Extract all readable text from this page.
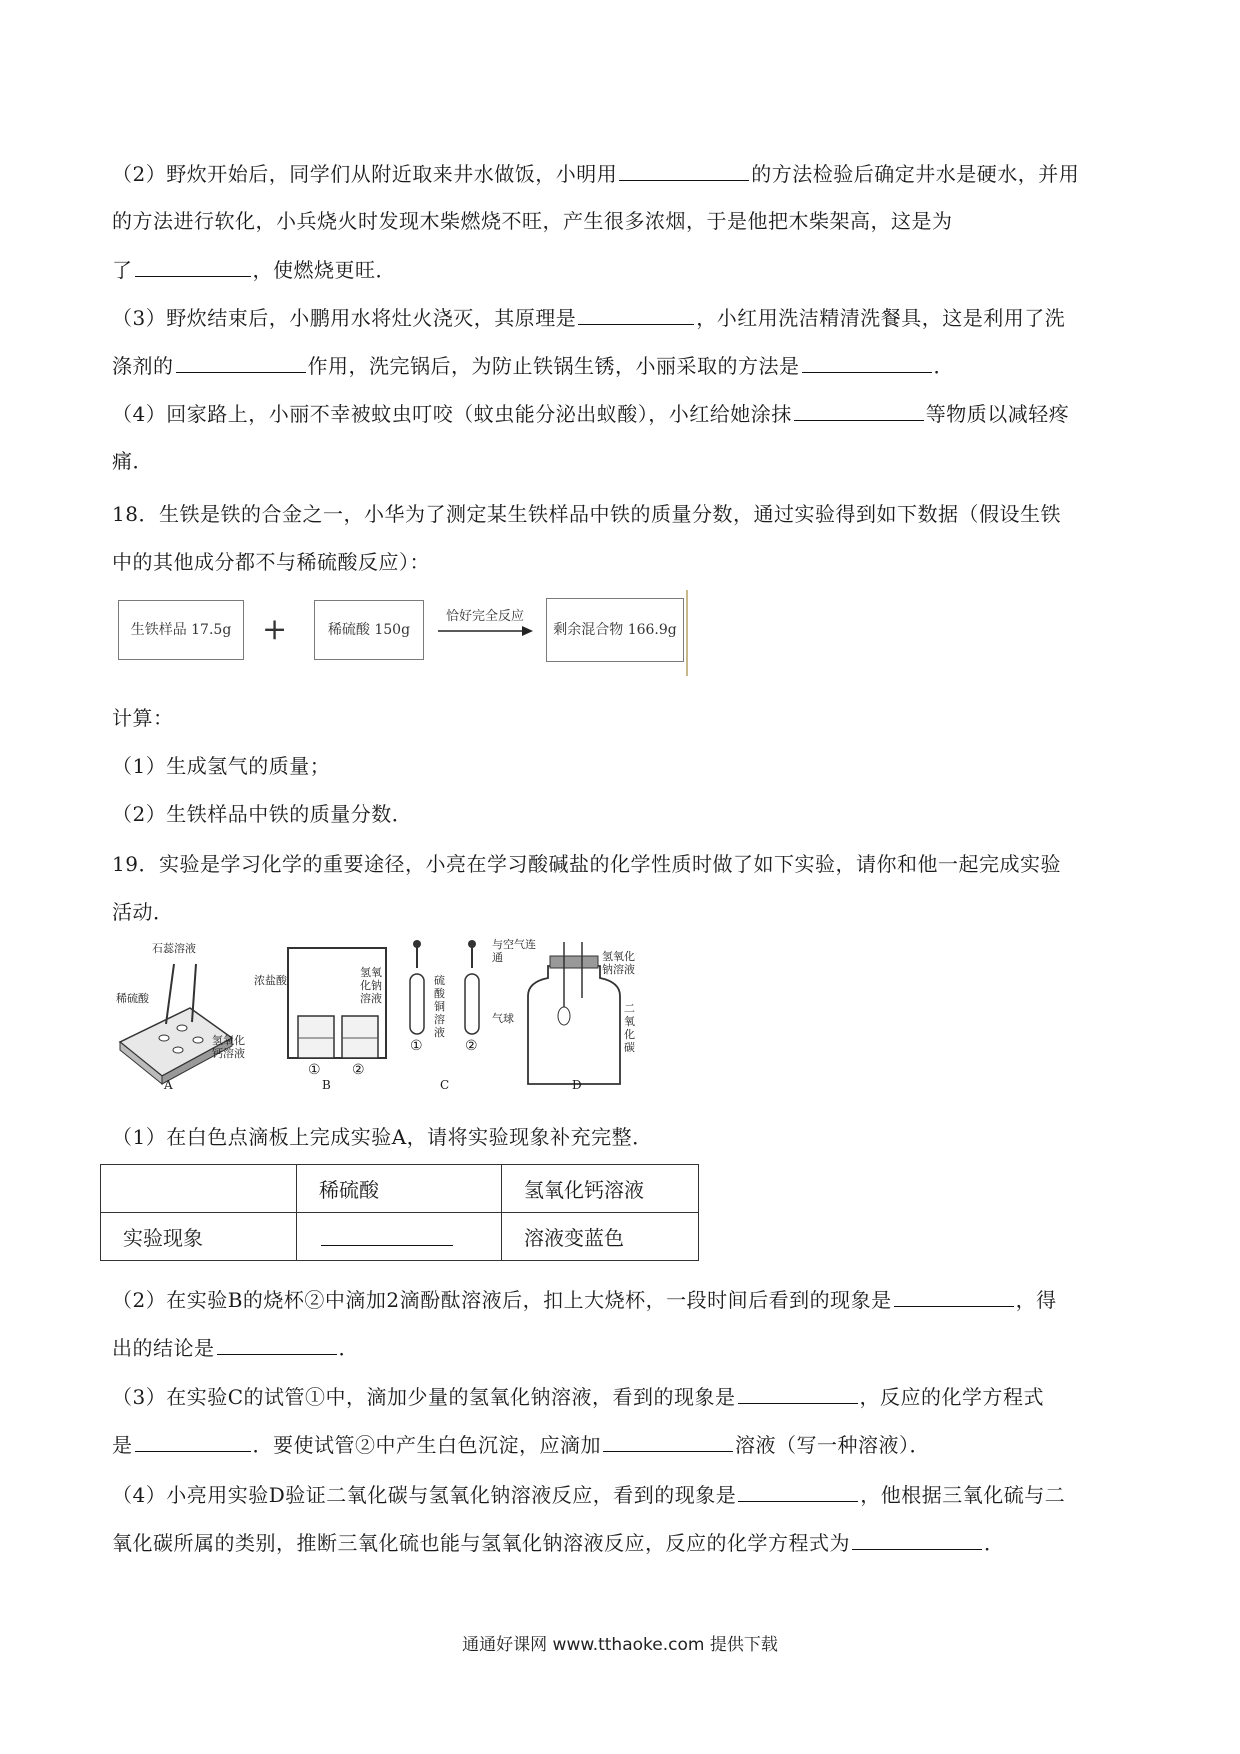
（2）野炊开始后，同学们从附近取来井水做饭，小明用	的方法检验后确定井水是硬水，并用
的方法进行软化，小兵烧火时发现木柴燃烧不旺，产生很多浓烟，于是他把木柴架高，这是为
了	，使燃烧更旺．
（3）野炊结束后，小鹏用水将灶火浇灭，其原理是	，小红用洗洁精清洗餐具，这是利用了洗
涤剂的	作用，洗完锅后，为防止铁锅生锈，小丽采取的方法是	．
（4）回家路上，小丽不幸被蚊虫叮咬（蚊虫能分泌出蚁酸），小红给她涂抹	等物质以减轻疼
痛．
18．生铁是铁的合金之一，小华为了测定某生铁样品中铁的质量分数，通过实验得到如下数据（假设生铁
中的其他成分都不与稀硫酸反应）：
生铁样品 17.5g	+	稀硫酸 150g
恰好完全反应
剩余混合物 166.9g
计算：
（1）生成氢气的质量；
（2）生铁样品中铁的质量分数．
19．实验是学习化学的重要途径，小亮在学习酸碱盐的化学性质时做了如下实验，请你和他一起完成实验
活动．
石蕊溶液
稀硫酸
氢氧化钙溶液
浓盐酸
氢氧化钠溶液
硫酸铜溶液
与空气连通	氢氧化钠溶液
气球
二氧化碳
① ②
①	②
A	B	C	D
（1）在白色点滴板上完成实验A，请将实验现象补充完整．
	稀硫酸	氢氧化钙溶液
实验现象		溶液变蓝色
（2）在实验B的烧杯②中滴加2滴酚酞溶液后，扣上大烧杯，一段时间后看到的现象是	，得
出的结论是	．
（3）在实验C的试管①中，滴加少量的氢氧化钠溶液，看到的现象是	，反应的化学方程式
是	．要使试管②中产生白色沉淀，应滴加	溶液（写一种溶液）．
（4）小亮用实验D验证二氧化碳与氢氧化钠溶液反应，看到的现象是	，他根据三氧化硫与二
氧化碳所属的类别，推断三氧化硫也能与氢氧化钠溶液反应，反应的化学方程式为	．
通通好课网 www.tthaoke.com 提供下载
